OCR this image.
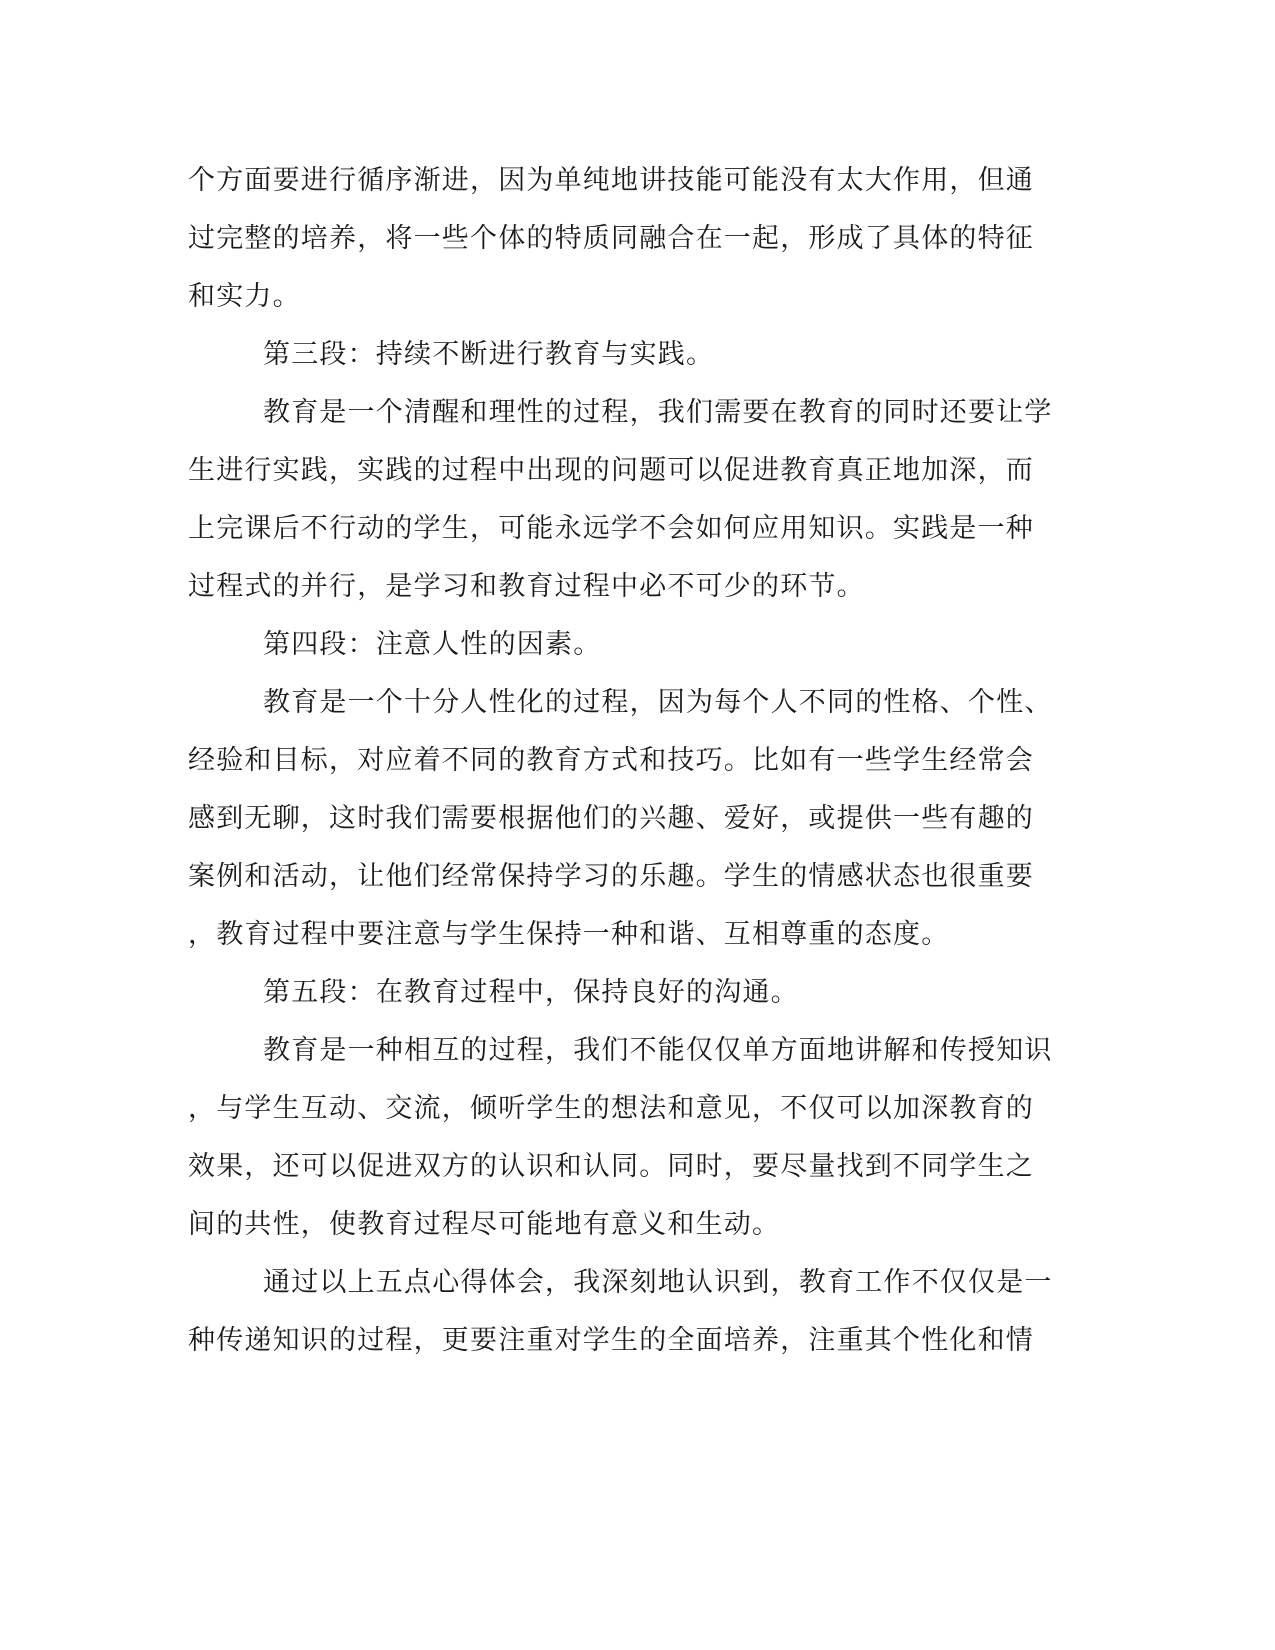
个方面要进行循序渐进，因为单纯地讲技能可能没有太大作用，但通
过完整的培养，将一些个体的特质同融合在一起，形成了具体的特征
和实力。
第三段：持续不断进行教育与实践。
教育是一个清醒和理性的过程，我们需要在教育的同时还要让学
生进行实践，实践的过程中出现的问题可以促进教育真正地加深，而
上完课后不行动的学生，可能永远学不会如何应用知识。实践是一种
过程式的并行，是学习和教育过程中必不可少的环节。
第四段：注意人性的因素。
教育是一个十分人性化的过程，因为每个人不同的性格、个性、
经验和目标，对应着不同的教育方式和技巧。比如有一些学生经常会
感到无聊，这时我们需要根据他们的兴趣、爱好，或提供一些有趣的
案例和活动，让他们经常保持学习的乐趣。学生的情感状态也很重要
，教育过程中要注意与学生保持一种和谐、互相尊重的态度。
第五段：在教育过程中，保持良好的沟通。
教育是一种相互的过程，我们不能仅仅单方面地讲解和传授知识
，与学生互动、交流，倾听学生的想法和意见，不仅可以加深教育的
效果，还可以促进双方的认识和认同。同时，要尽量找到不同学生之
间的共性，使教育过程尽可能地有意义和生动。
通过以上五点心得体会，我深刻地认识到，教育工作不仅仅是一
种传递知识的过程，更要注重对学生的全面培养，注重其个性化和情
